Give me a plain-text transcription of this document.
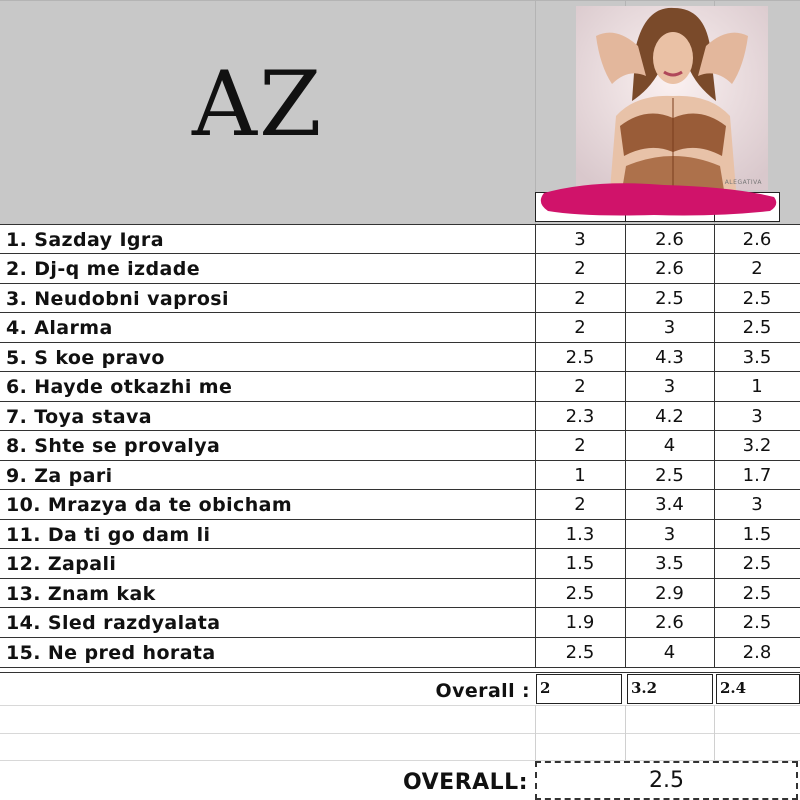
AZ
ALEGATIVA
1. Sazday Igra	3	2.6	2.6
2. Dj-q me izdade	2	2.6	2
3. Neudobni vaprosi	2	2.5	2.5
4. Alarma	2	3	2.5
5. S koe pravo	2.5	4.3	3.5
6. Hayde otkazhi me	2	3	1
7. Toya stava	2.3	4.2	3
8. Shte se provalya	2	4	3.2
9. Za pari	1	2.5	1.7
10. Mrazya da te obicham	2	3.4	3
11. Da ti go dam li	1.3	3	1.5
12. Zapali	1.5	3.5	2.5
13. Znam kak	2.5	2.9	2.5
14. Sled razdyalata	1.9	2.6	2.5
15. Ne pred horata	2.5	4	2.8
Overall : 2	3.2	2.4
OVERALL:	2.5
